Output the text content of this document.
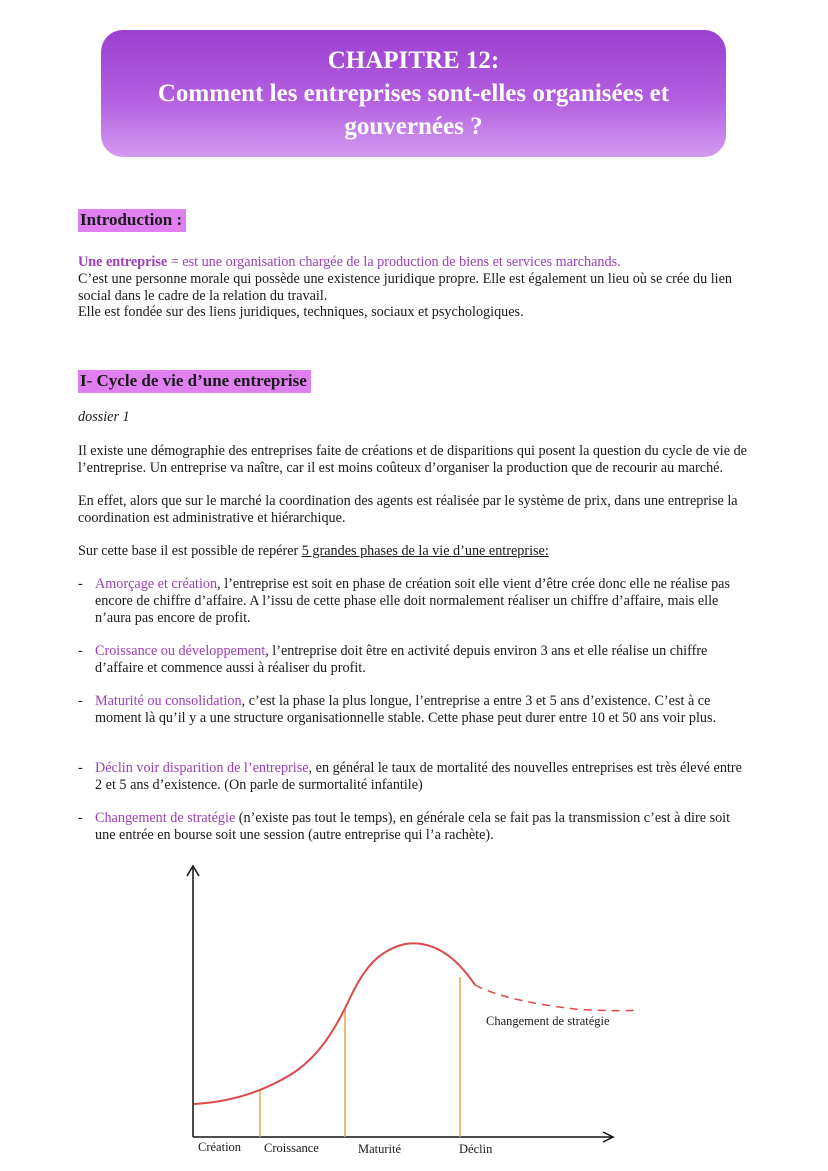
CHAPITRE 12:
Comment les entreprises sont-elles organisées et
gouvernées ?
Introduction :

Une entreprise = est une organisation chargée de la production de biens et services marchands.

C’est une personne morale qui possède une existence juridique propre. Elle est également un lieu où se crée du lien social dans le cadre de la relation du travail.

Elle est fondée sur des liens juridiques, techniques, sociaux et psychologiques.

I- Cycle de vie d’une entreprise

dossier 1

Il existe une démographie des entreprises faite de créations et de disparitions qui posent la question du cycle de vie de l’entreprise. Un entreprise va naître, car il est moins coûteux d’organiser la production que de recourir au marché.

En effet, alors que sur le marché la coordination des agents est réalisée par le système de prix, dans une entreprise la coordination est administrative et hiérarchique.

Sur cette base il est possible de repérer 5 grandes phases de la vie d’une entreprise:

- Amorçage et création, l’entreprise est soit en phase de création soit elle vient d’être crée donc elle ne réalise pas encore de chiffre d’affaire. A l’issu de cette phase elle doit normalement réaliser un chiffre d’affaire, mais elle n’aura pas encore de profit.
- Croissance ou développement, l’entreprise doit être en activité depuis environ 3 ans et elle réalise un chiffre d’affaire et commence aussi à réaliser du profit.
- Maturité ou consolidation, c’est la phase la plus longue, l’entreprise a entre 3 et 5 ans d’existence. C’est à ce moment là qu’il y a une structure organisationnelle stable. Cette phase peut durer entre 10 et 50 ans voir plus.
- Déclin voir disparition de l’entreprise, en général le taux de mortalité des nouvelles entreprises est très élevé entre 2 et 5 ans d’existence. (On parle de surmortalité infantile)
- Changement de stratégie (n’existe pas tout le temps), en générale cela se fait pas la transmission c’est à dire soit une entrée en bourse soit une session (autre entreprise qui l’a rachète).
Création Croissance	Maturité	Déclin
Changement de stratégie
